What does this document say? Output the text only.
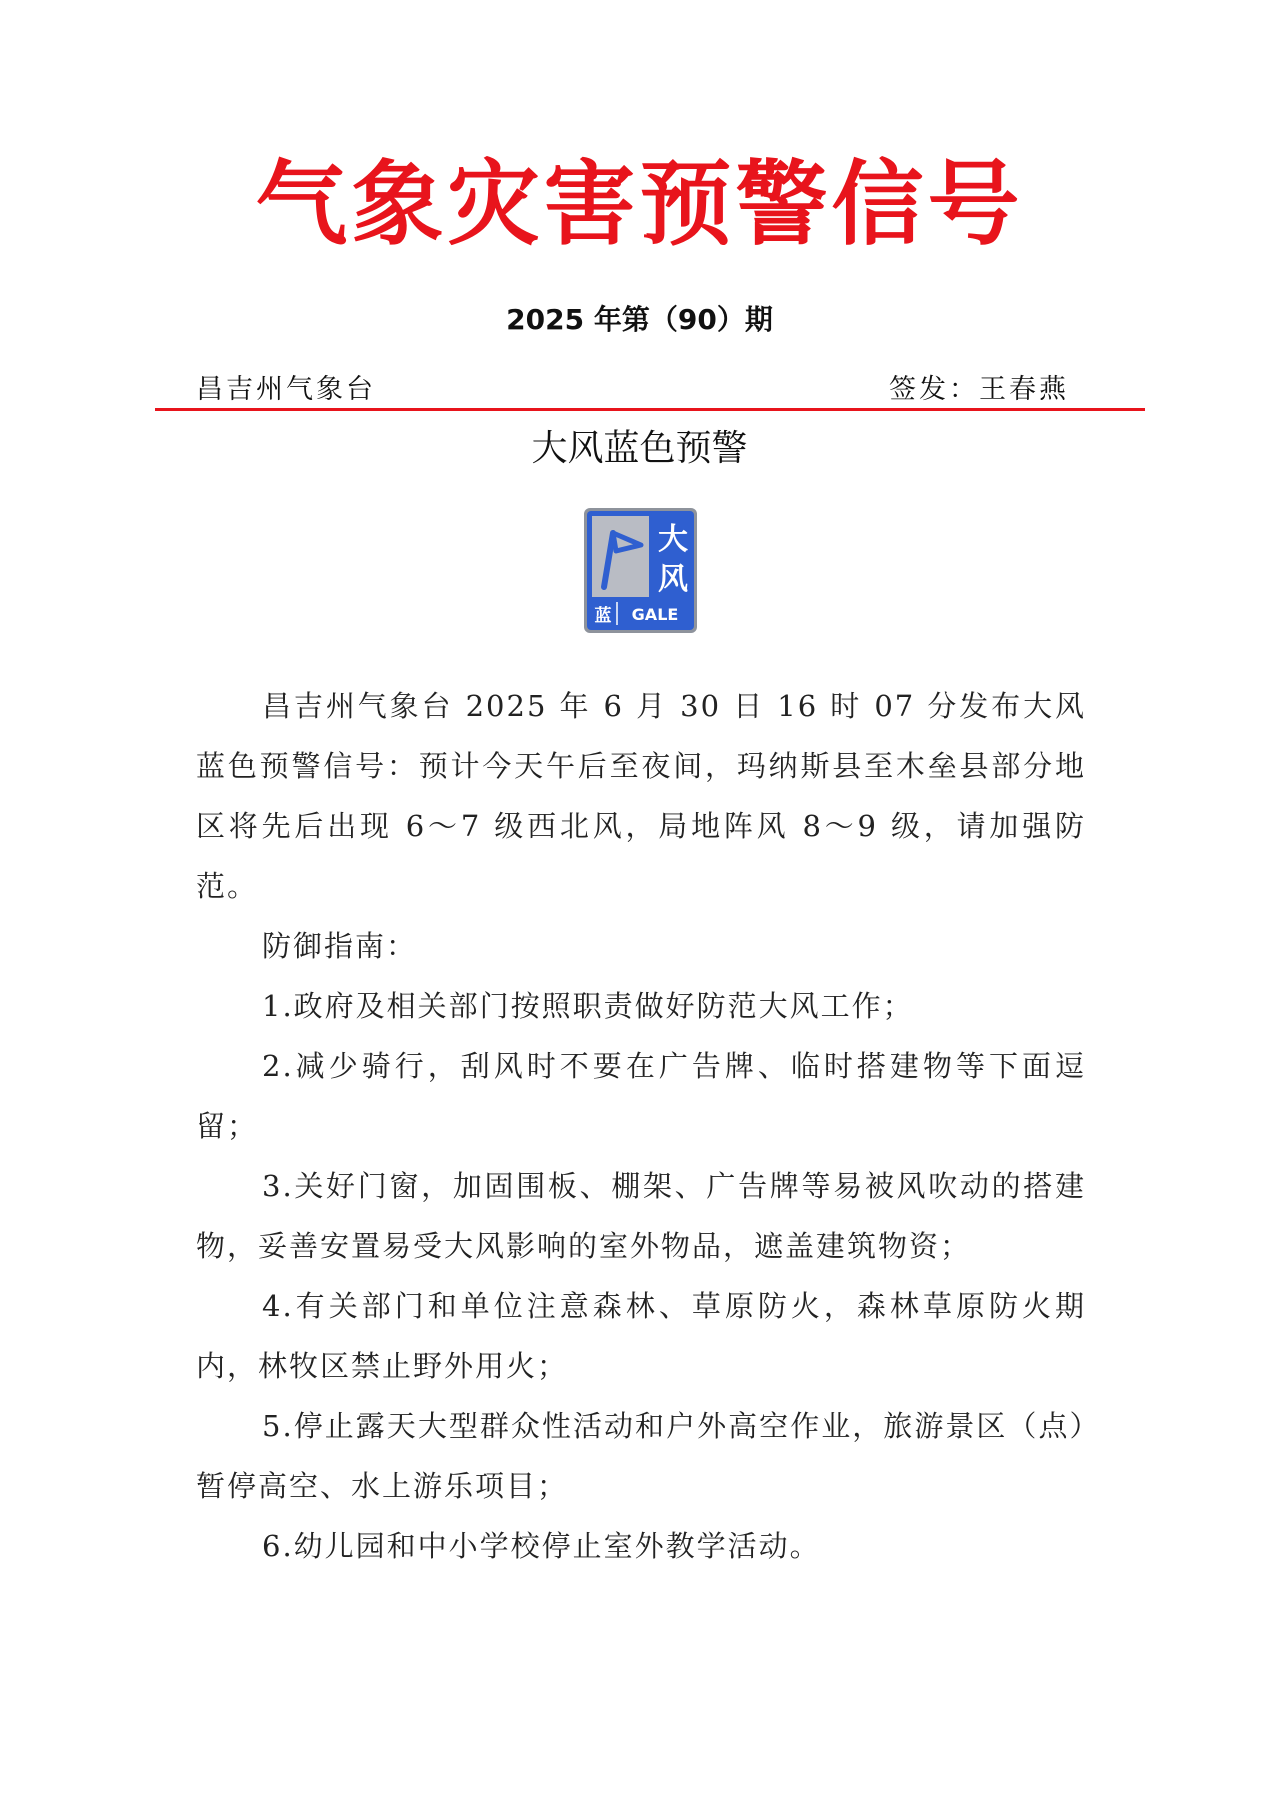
气象灾害预警信号
2025 年第（90）期
昌吉州气象台	签发：王春燕
大风蓝色预警
大
风
蓝 GALE

昌吉州气象台 2025 年 6 月 30 日 16 时 07 分发布大风蓝色预警信号：预计今天午后至夜间，玛纳斯县至木垒县部分地区将先后出现 6～7 级西北风，局地阵风 8～9 级，请加强防范。

防御指南：

1.政府及相关部门按照职责做好防范大风工作；

2.减少骑行，刮风时不要在广告牌、临时搭建物等下面逗留；

3.关好门窗，加固围板、棚架、广告牌等易被风吹动的搭建物，妥善安置易受大风影响的室外物品，遮盖建筑物资；

4.有关部门和单位注意森林、草原防火，森林草原防火期内，林牧区禁止野外用火；

5.停止露天大型群众性活动和户外高空作业，旅游景区（点）暂停高空、水上游乐项目；

6.幼儿园和中小学校停止室外教学活动。
